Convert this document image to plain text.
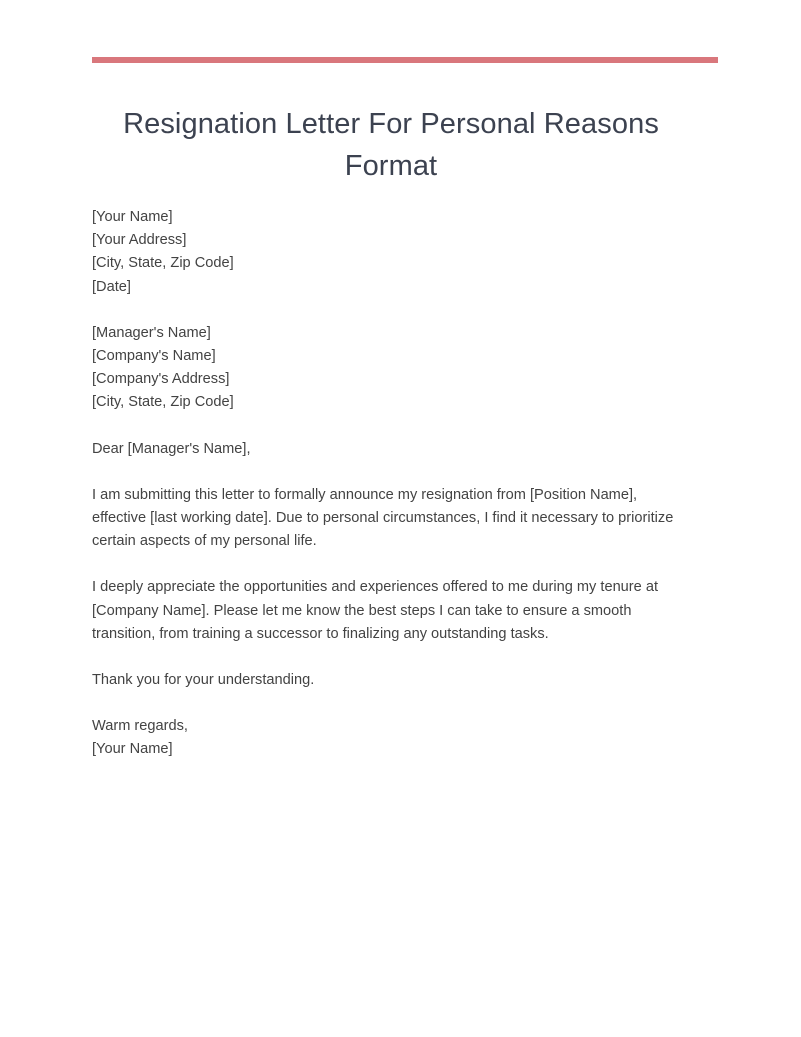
Resignation Letter For Personal Reasons Format
[Your Name]
[Your Address]
[City, State, Zip Code]
[Date]
[Manager's Name]
[Company's Name]
[Company's Address]
[City, State, Zip Code]

Dear [Manager's Name],

I am submitting this letter to formally announce my resignation from [Position Name], effective [last working date]. Due to personal circumstances, I find it necessary to prioritize certain aspects of my personal life.

I deeply appreciate the opportunities and experiences offered to me during my tenure at [Company Name]. Please let me know the best steps I can take to ensure a smooth transition, from training a successor to finalizing any outstanding tasks.

Thank you for your understanding.

Warm regards,
[Your Name]
